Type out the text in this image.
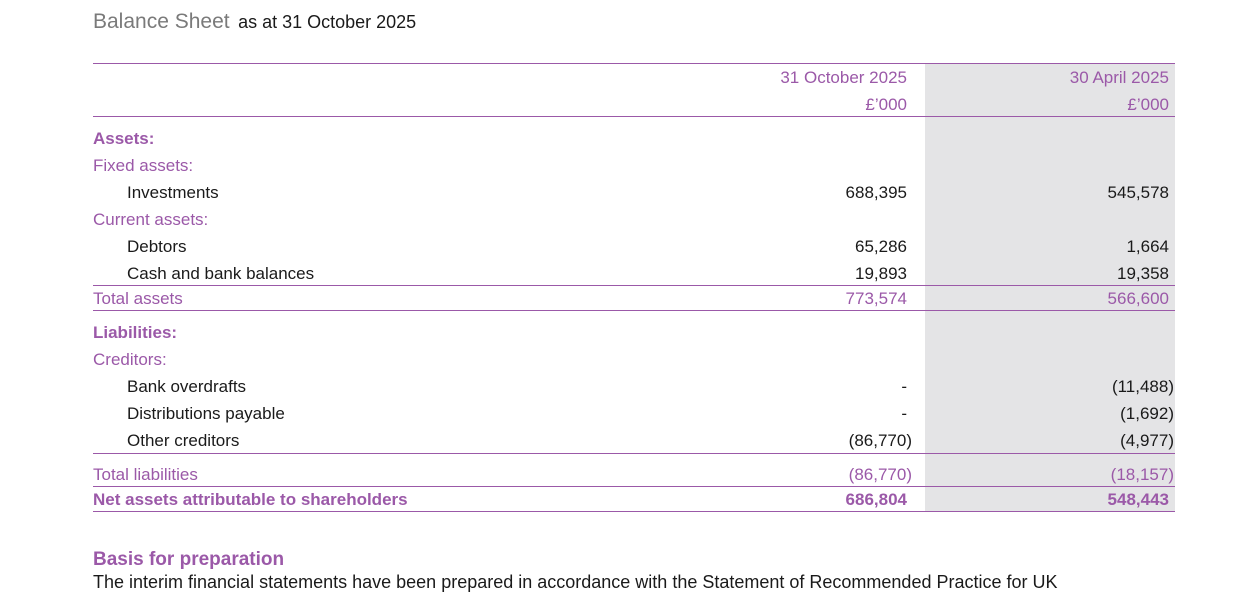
Balance Sheet as at 31 October 2025
31 October 2025	30 April 2025
£’000	£’000
Assets:
Fixed assets:
Investments	688,395	545,578
Current assets:
Debtors	65,286	1,664
Cash and bank balances	19,893	19,358
Total assets	773,574	566,600
Liabilities:
Creditors:
Bank overdrafts	-	(11,488)
Distributions payable	-	(1,692)
Other creditors	(86,770)	(4,977)
Total liabilities	(86,770)	(18,157)
Net assets attributable to shareholders	686,804	548,443
Basis for preparation
The interim financial statements have been prepared in accordance with the Statement of Recommended Practice for UK
